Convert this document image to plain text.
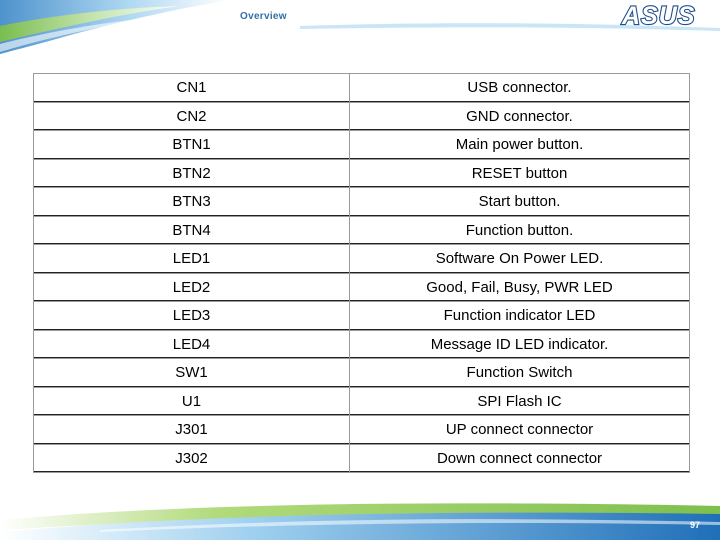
Overview	ASUS
CN1	USB connector.
CN2	GND connector.
BTN1	Main power button.
BTN2	RESET button
BTN3	Start button.
BTN4	Function button.
LED1	Software On Power LED.
LED2	Good, Fail, Busy, PWR LED
LED3	Function indicator LED
LED4	Message ID LED indicator.
SW1	Function Switch
U1	SPI Flash IC
J301	UP connect connector
J302	Down connect connector
97
